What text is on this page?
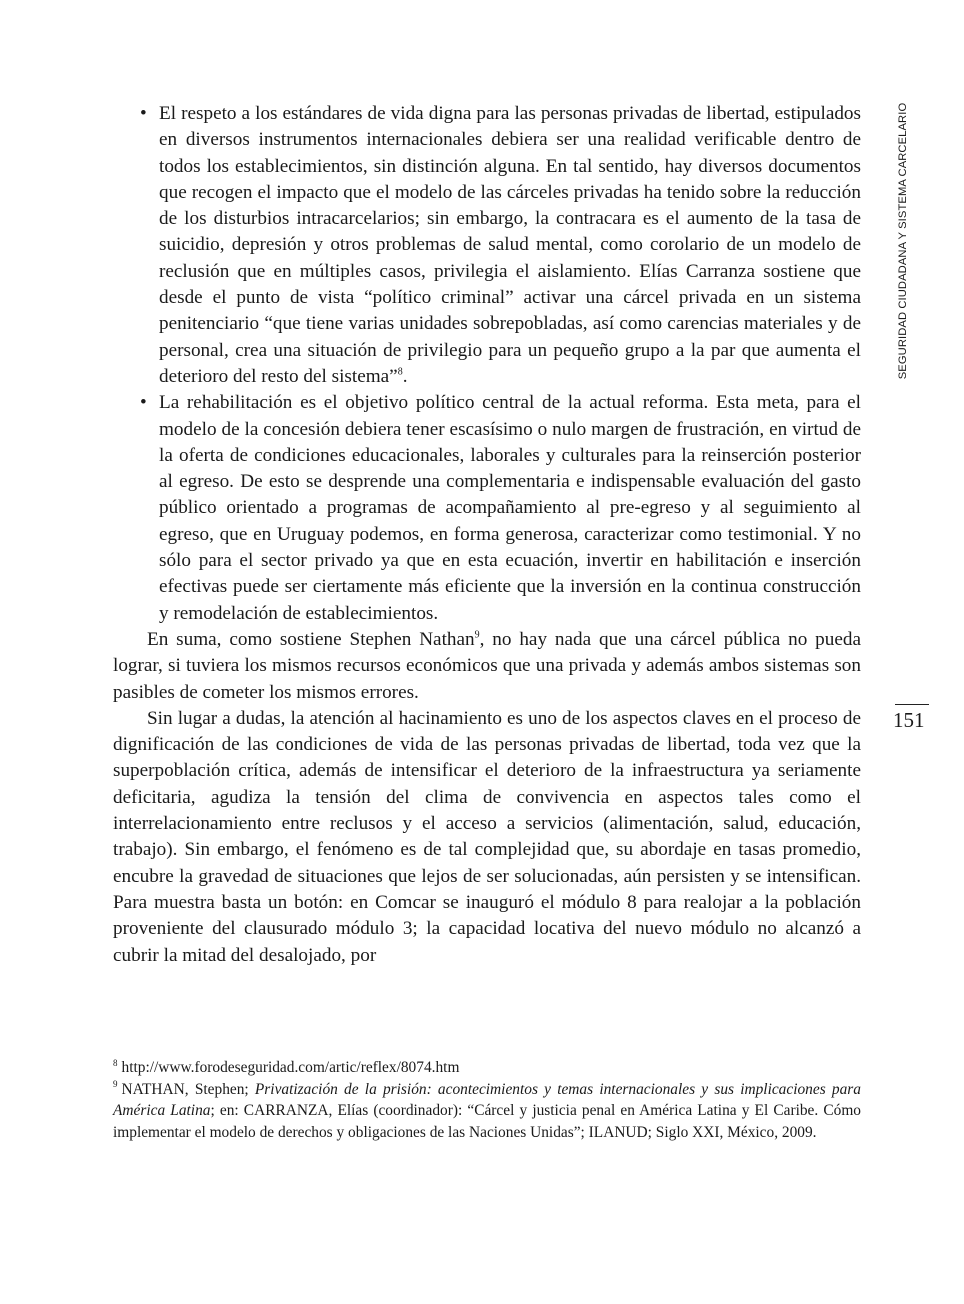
• El respeto a los estándares de vida digna para las personas privadas de libertad, estipulados en diversos instrumentos internacionales debiera ser una realidad verificable dentro de todos los establecimientos, sin distinción alguna. En tal sentido, hay diversos documentos que recogen el impacto que el modelo de las cárceles privadas ha tenido sobre la reducción de los disturbios intracarcelarios; sin embargo, la contracara es el aumento de la tasa de suicidio, depresión y otros problemas de salud mental, como corolario de un modelo de reclusión que en múltiples casos, privilegia el aislamiento. Elías Carranza sostiene que desde el punto de vista “político criminal” activar una cárcel privada en un sistema penitenciario “que tiene varias unidades sobrepobladas, así como carencias materiales y de personal, crea una situación de privilegio para un pequeño grupo a la par que aumenta el deterioro del resto del sistema”$^8$.

• La rehabilitación es el objetivo político central de la actual reforma. Esta meta, para el modelo de la concesión debiera tener escasísimo o nulo margen de frustración, en virtud de la oferta de condiciones educacionales, laborales y culturales para la reinserción posterior al egreso. De esto se desprende una complementaria e indispensable evaluación del gasto público orientado a programas de acompañamiento al pre-egreso y al seguimiento al egreso, que en Uruguay podemos, en forma generosa, caracterizar como testimonial. Y no sólo para el sector privado ya que en esta ecuación, invertir en habilitación e inserción efectivas puede ser ciertamente más eficiente que la inversión en la continua construcción y remodelación de establecimientos.

En suma, como sostiene Stephen Nathan$^9$, no hay nada que una cárcel pública no pueda lograr, si tuviera los mismos recursos económicos que una privada y además ambos sistemas son pasibles de cometer los mismos errores.

Sin lugar a dudas, la atención al hacinamiento es uno de los aspectos claves en el proceso de dignificación de las condiciones de vida de las personas privadas de libertad, toda vez que la superpoblación crítica, además de intensificar el deterioro de la infraestructura ya seriamente deficitaria, agudiza la tensión del clima de convivencia en aspectos tales como el interrelacionamiento entre reclusos y el acceso a servicios (alimentación, salud, educación, trabajo). Sin embargo, el fenómeno es de tal complejidad que, su abordaje en tasas promedio, encubre la gravedad de situaciones que lejos de ser solucionadas, aún persisten y se intensifican. Para muestra basta un botón: en Comcar se inauguró el módulo 8 para realojar a la población proveniente del clausurado módulo 3; la capacidad locativa del nuevo módulo no alcanzó a cubrir la mitad del desalojado, por

$^8$ http://www.forodeseguridad.com/artic/reflex/8074.htm

$^9$ NATHAN, Stephen; Privatización de la prisión: acontecimientos y temas internacionales y sus implicaciones para América Latina; en: CARRANZA, Elías (coordinador): “Cárcel y justicia penal en América Latina y El Caribe. Cómo implementar el modelo de derechos y obligaciones de las Naciones Unidas”; ILANUD; Siglo XXI, México, 2009.

SEGURIDAD CIUDADANA Y SISTEMA CARCELARIO
151
